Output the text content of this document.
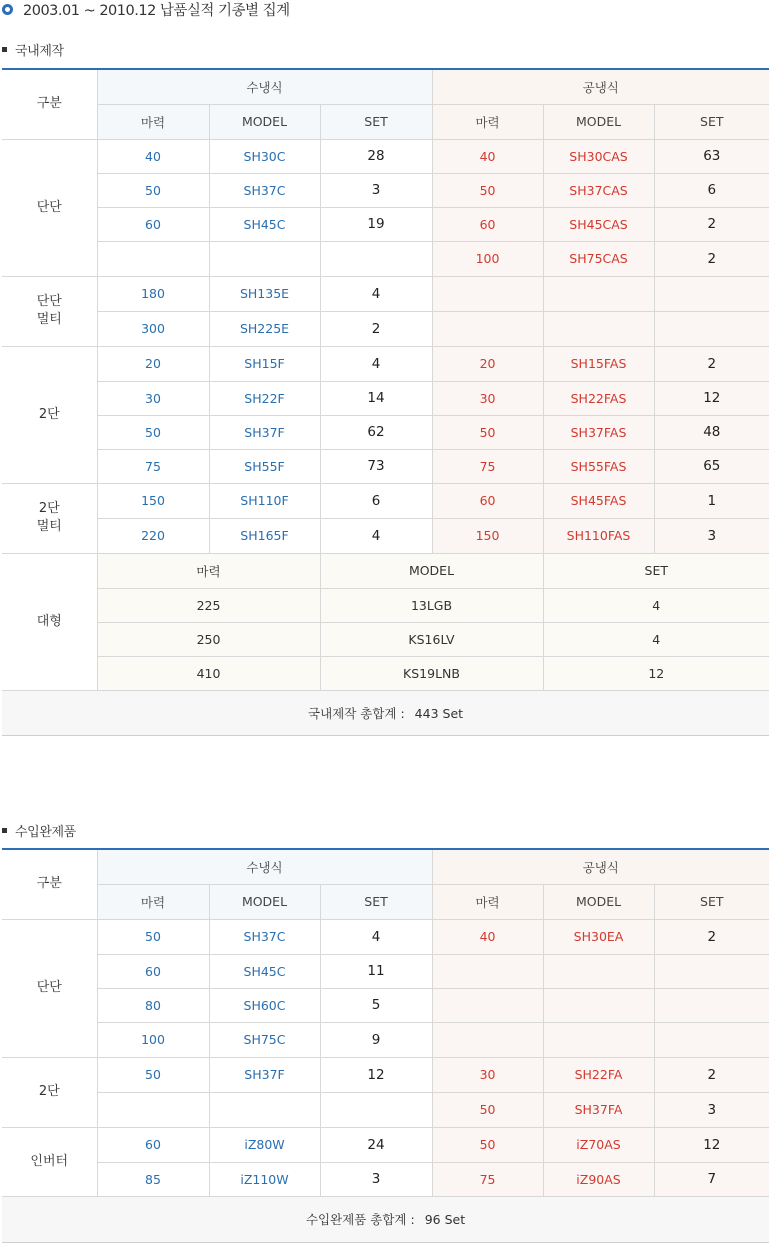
2003.01 ~ 2010.12 납품실적 기종별 집계
국내제작
구분	수냉식			공냉식		
	마력	MODEL	SET	마력	MODEL	SET
단단	40	SH30C	28	40	SH30CAS	63
	50	SH37C	3	50	SH37CAS	6
	60	SH45C	19	60	SH45CAS	2
				100	SH75CAS	2
단단
멀티	180	SH135E	4			
	300	SH225E	2			
2단	20	SH15F	4	20	SH15FAS	2
	30	SH22F	14	30	SH22FAS	12
	50	SH37F	62	50	SH37FAS	48
	75	SH55F	73	75	SH55FAS	65
2단
멀티	150	SH110F	6	60	SH45FAS	1
	220	SH165F	4	150	SH110FAS	3
대형	마력		MODEL		SET	
	225		13LGB		4	
	250		KS16LV		4	
	410		KS19LNB		12	
국내제작 총합계 : 443 Set						
수입완제품
구분	수냉식			공냉식		
	마력	MODEL	SET	마력	MODEL	SET
단단	50	SH37C	4	40	SH30EA	2
	60	SH45C	11			
	80	SH60C	5			
	100	SH75C	9			
2단	50	SH37F	12	30	SH22FA	2
				50	SH37FA	3
인버터	60	iZ80W	24	50	iZ70AS	12
	85	iZ110W	3	75	iZ90AS	7
수입완제품 총합계 : 96 Set						
